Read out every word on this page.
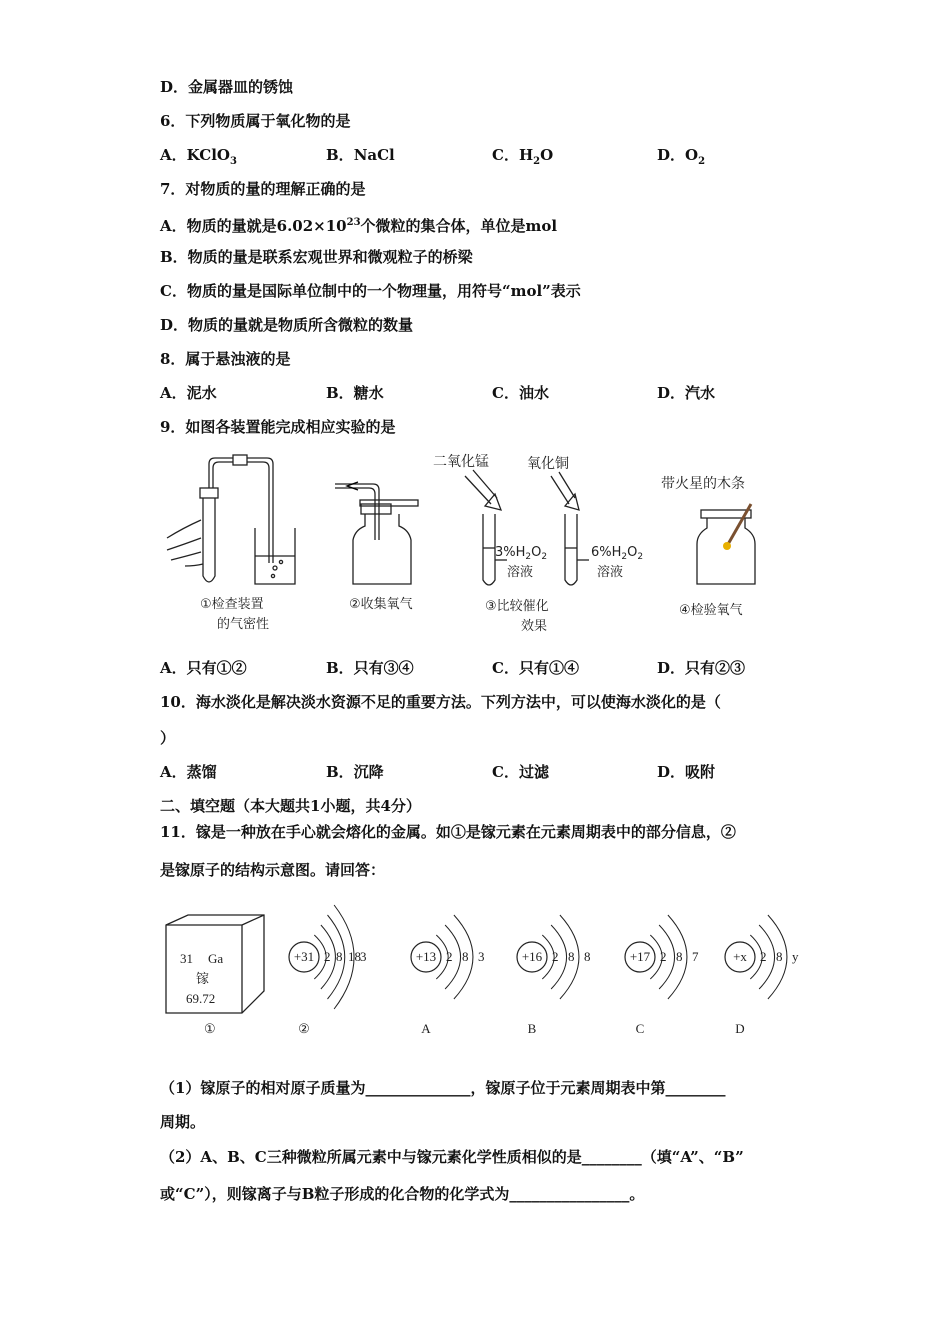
D．金属器皿的锈蚀
6．下列物质属于氧化物的是
A．KClO$_3$	B．NaCl	C．$H_2O$	D．$O_2$
7．对物质的量的理解正确的是
A．物质的量就是$6.02\times 10^{23}$个微粒的集合体，单位是mol
B．物质的量是联系宏观世界和微观粒子的桥梁
C．物质的量是国际单位制中的一个物理量，用符号“mol”表示
D．物质的量就是物质所含微粒的数量
8．属于悬浊液的是
A．泥水	B．糖水	C．油水	D．汽水
9．如图各装置能完成相应实验的是
①检查装置
的气密性
②收集氧气
二氧化锰	氧化铜
$3\%H_2O_2$
溶液
$6\%H_2O_2$
溶液
③比较催化
效果
带火星的木条
④检验氧气
A．只有①②	B．只有③④	C．只有①④	D．只有②③
10．海水淡化是解决淡水资源不足的重要方法。下列方法中，可以使海水淡化的是（
）
A．蒸馏	B．沉降	C．过滤	D．吸附
二、填空题（本大题共1小题，共4分）
11．镓是一种放在手心就会熔化的金属。如①是镓元素在元素周期表中的部分信息，②
是镓原子的结构示意图。请回答：
31 Ga
镓
69.72
①
+31 2 8 18 3
②
+13 2 8 3
A
+16 2 8 8
B
+17 2 8 7
C
+x 2 8 y
D
（1）镓原子的相对原子质量为______________，镓原子位于元素周期表中第________
周期。
（2）A、B、C三种微粒所属元素中与镓元素化学性质相似的是________（填“A”、“B”
或“C”），则镓离子与B粒子形成的化合物的化学式为________________。
